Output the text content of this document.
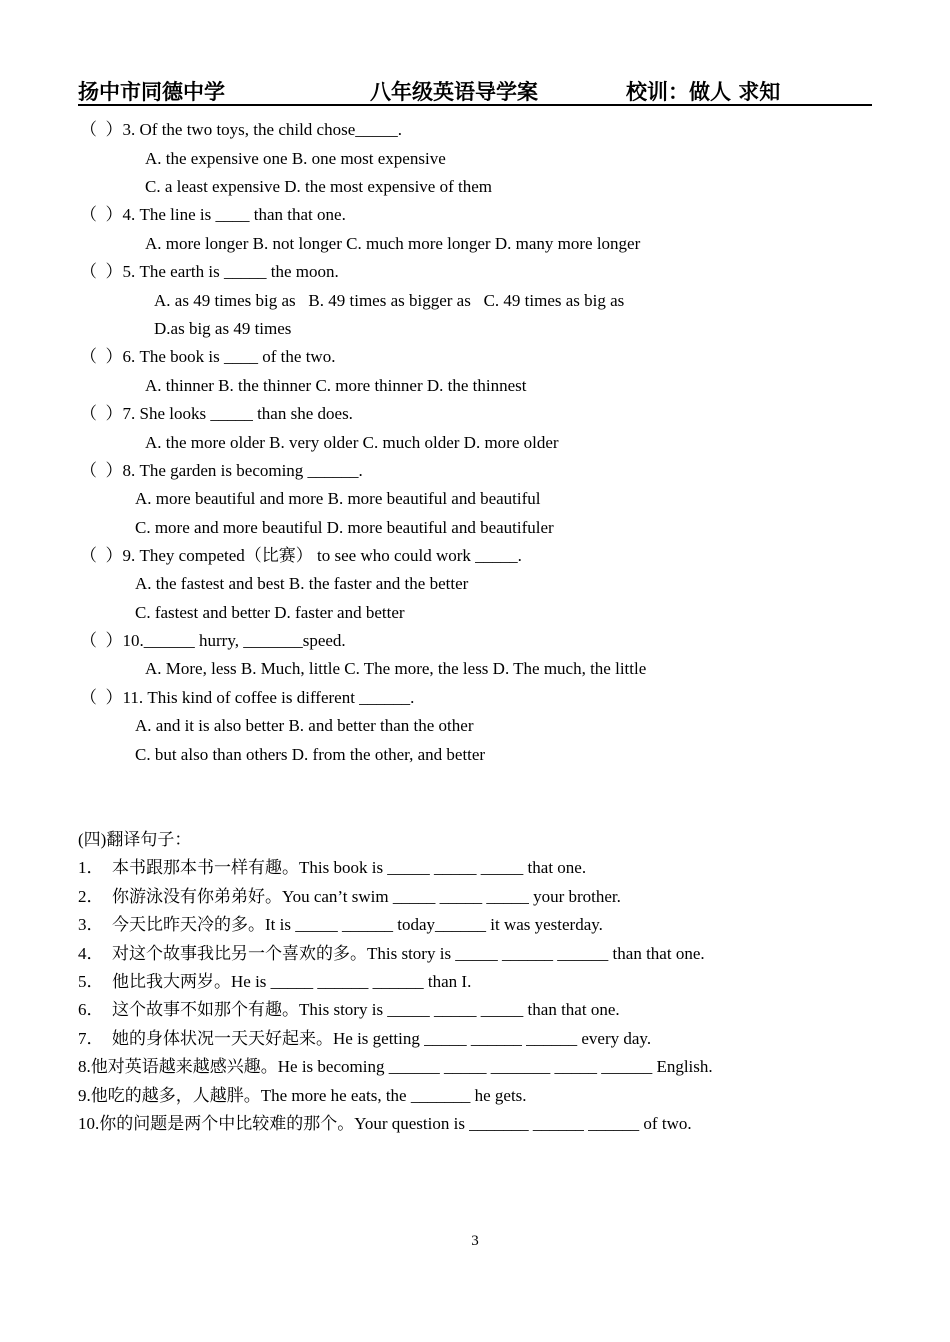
扬中市同德中学	八年级英语导学案	校训：做人 求知
（  ）3. Of the two toys, the child chose_____.
A. the expensive one B. one most expensive
C. a least expensive D. the most expensive of them
（  ）4. The line is ____ than that one.
A. more longer B. not longer C. much more longer D. many more longer
（  ）5. The earth is _____ the moon.
A. as 49 times big as   B. 49 times as bigger as   C. 49 times as big as
D.as big as 49 times
（  ）6. The book is ____ of the two.
A. thinner B. the thinner C. more thinner D. the thinnest
（  ）7. She looks _____ than she does.
A. the more older B. very older C. much older D. more older
（  ）8. The garden is becoming ______.
A. more beautiful and more B. more beautiful and beautiful
C. more and more beautiful D. more beautiful and beautifuler
（  ）9. They competed（比赛） to see who could work _____.
A. the fastest and best B. the faster and the better
C. fastest and better D. faster and better
（  ）10.______ hurry, _______speed.
A. More, less B. Much, little C. The more, the less D. The much, the little
（  ）11. This kind of coffee is different ______.
A. and it is also better B. and better than the other
C. but also than others D. from the other, and better
(四)翻译句子：
1．  本书跟那本书一样有趣。This book is _____ _____ _____ that one.
2．  你游泳没有你弟弟好。You can’t swim _____ _____ _____ your brother.
3．  今天比昨天冷的多。It is _____ ______ today______ it was yesterday.
4．  对这个故事我比另一个喜欢的多。This story is _____ ______ ______ than that one.
5．  他比我大两岁。He is _____ ______ ______ than I.
6．  这个故事不如那个有趣。This story is _____ _____ _____ than that one.
7．  她的身体状况一天天好起来。He is getting _____ ______ ______ every day.
8.他对英语越来越感兴趣。He is becoming ______ _____ _______ _____ ______ English.
9.他吃的越多，人越胖。The more he eats, the _______ he gets.
10.你的问题是两个中比较难的那个。Your question is _______ ______ ______ of two.
3
